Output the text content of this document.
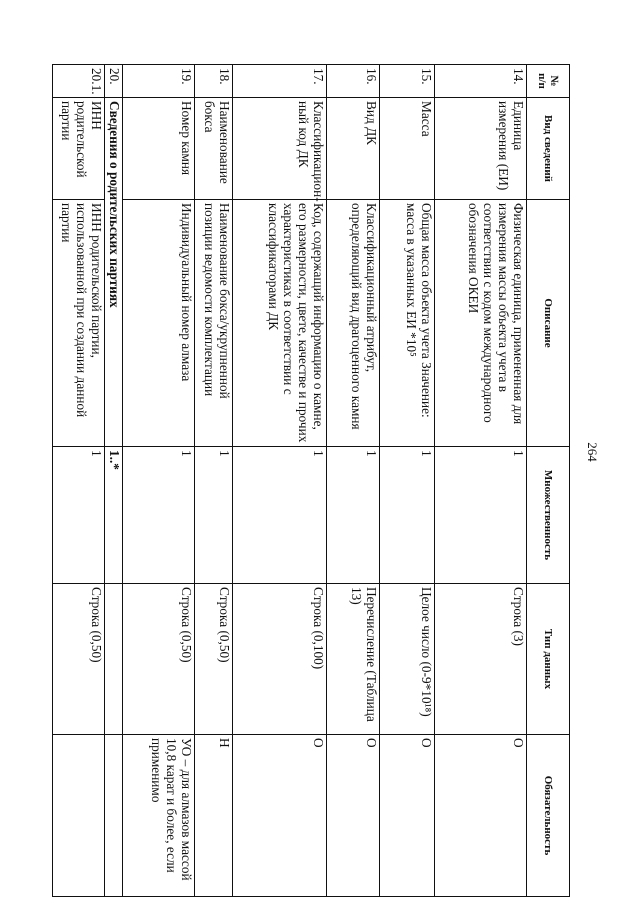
264
№
п/п	Вид сведений	Описание	Множественность	Тип данных	Обязательность
14.	Единица измерения (ЕИ)	Физическая единица, примененная для измерения массы объекта учета в соответствии с кодом международного обозначения ОКЕИ	1	Строка (3)	О
15.	Масса	Общая масса объекта учета Значение: масса в указанных ЕИ *10⁵	1	Целое число (0-9*10¹⁸)	О
16.	Вид ДК	Классификационный атрибут, определяющий вид драгоценного камня	1	Перечисление (Таблица 13)	О
17.	Классификацион-ный код ДК	Код, содержащий информацию о камне, его размерности, цвете, качестве и прочих характеристиках в соответствии с классификаторами ДК	1	Строка (0,100)	О
18.	Наименование бокса	Наименование бокса/укрупненной позиции ведомости комплектации	1	Строка (0,50)	Н
19.	Номер камня	Индивидуальный номер алмаза	1	Строка (0,50)	УО – для алмазов массой 10,8 карат и более, если применимо
20.	Сведения о родительских партиях		1..*		
20.1.	ИНН родительской партии	ИНН родительской партии, использованной при создании данной партии	1	Строка (0,50)	
